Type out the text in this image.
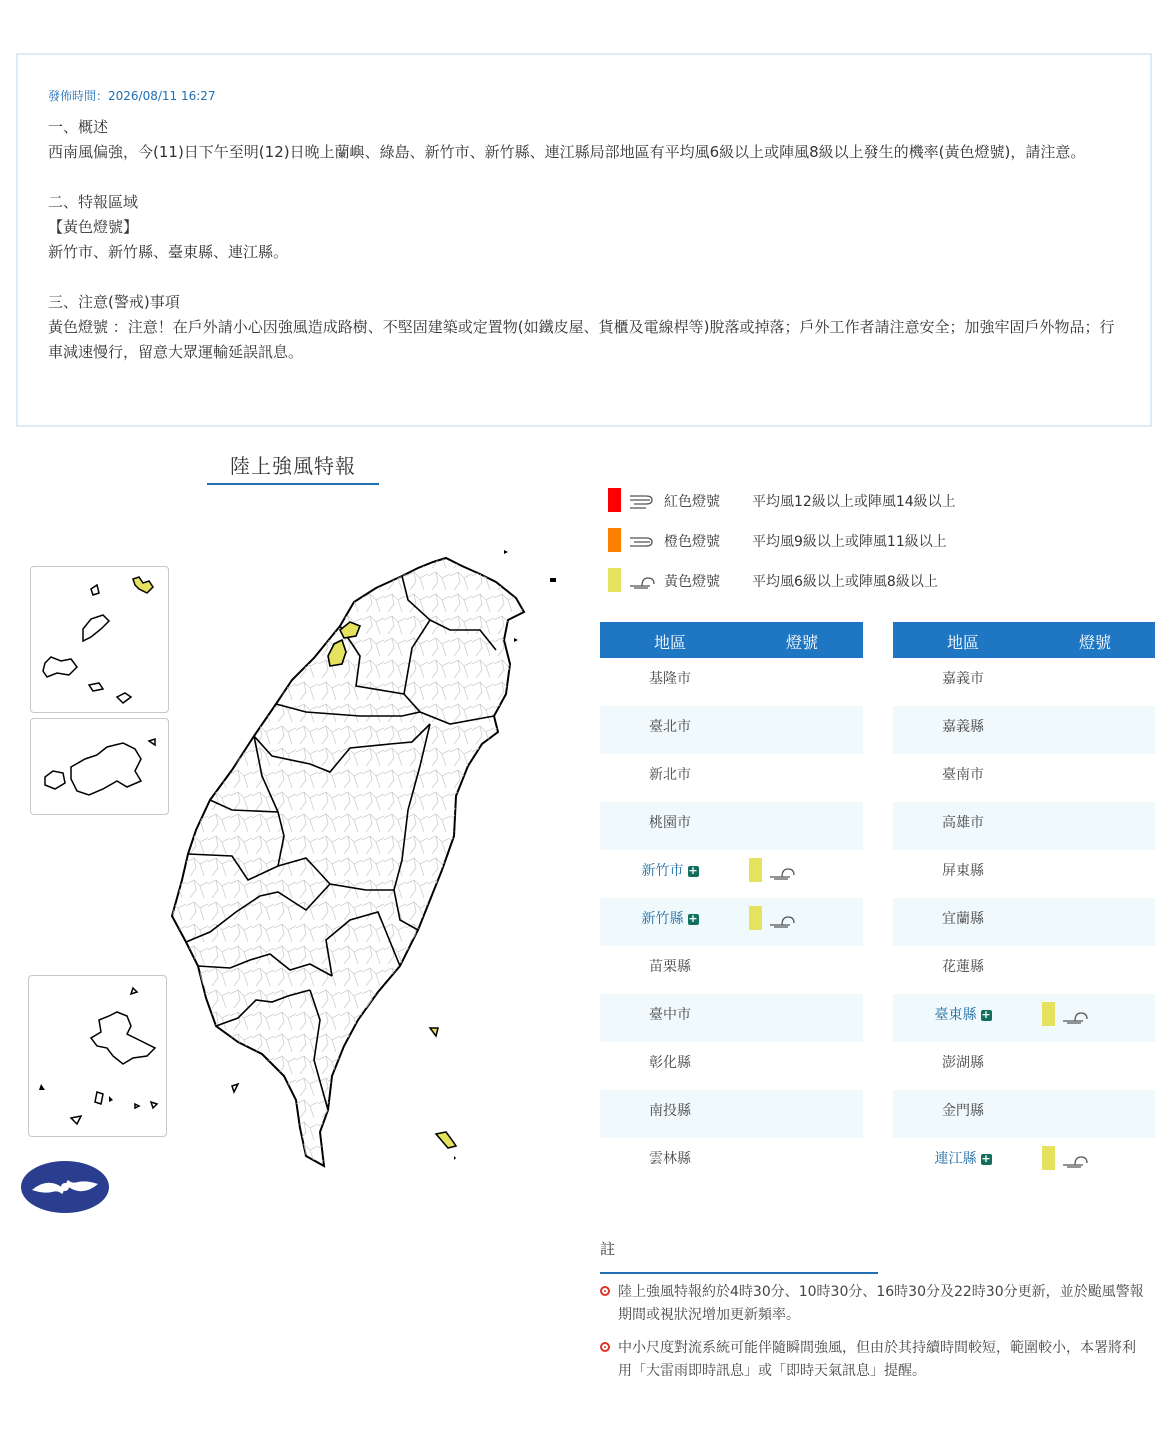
發佈時間：2026/08/11 16:27

一、概述

西南風偏強，今(11)日下午至明(12)日晚上蘭嶼、綠島、新竹市、新竹縣、連江縣局部地區有平均風6級以上或陣風8級以上發生的機率(黃色燈號)，請注意。

二、特報區域

【黃色燈號】

新竹市、新竹縣、臺東縣、連江縣。

三、注意(警戒)事項

黃色燈號 ：注意！在戶外請小心因強風造成路樹、不堅固建築或定置物(如鐵皮屋、貨櫃及電線桿等)脫落或掉落；戶外工作者請注意安全；加強牢固戶外物品；行車減速慢行，留意大眾運輸延誤訊息。

陸上強風特報
紅色燈號 平均風12級以上或陣風14級以上
橙色燈號 平均風9級以上或陣風11級以上
黃色燈號 平均風6級以上或陣風8級以上
地區	燈號
基隆市
臺北市
新北市
桃園市
新竹市 +
新竹縣 +
苗栗縣
臺中市
彰化縣
南投縣
雲林縣
地區	燈號
嘉義市
嘉義縣
臺南市
高雄市
屏東縣
宜蘭縣
花蓮縣
臺東縣 +
澎湖縣
金門縣
連江縣 +
註
陸上強風特報約於4時30分、10時30分、16時30分及22時30分更新，並於颱風警報期間或視狀況增加更新頻率。
中小尺度對流系統可能伴隨瞬間強風，但由於其持續時間較短，範圍較小，本署將利用「大雷雨即時訊息」或「即時天氣訊息」提醒。
